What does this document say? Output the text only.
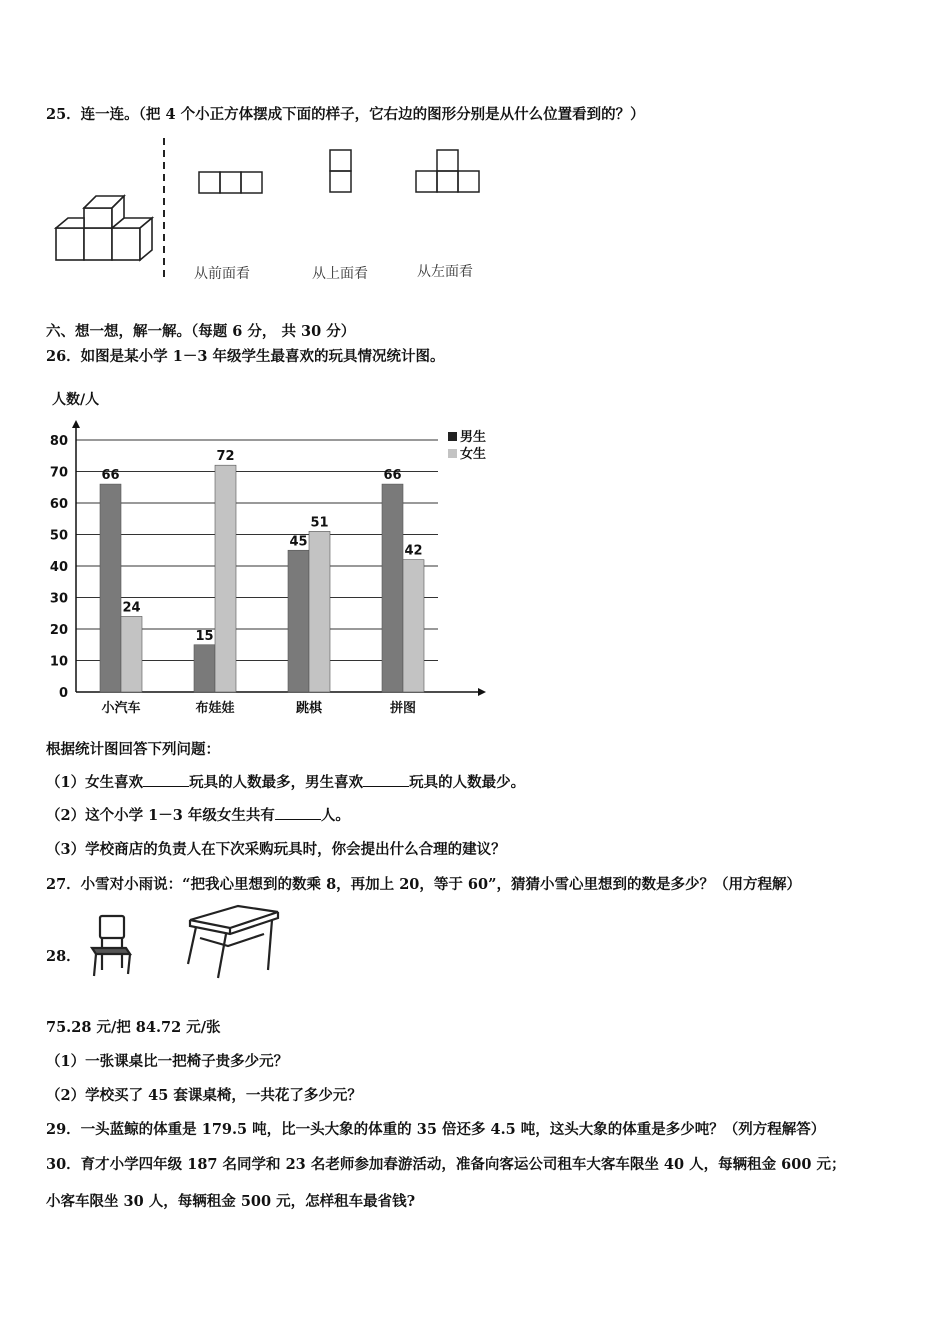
25．连一连。（把 4 个小正方体摆成下面的样子，它右边的图形分别是从什么位置看到的？）
从前面看	从上面看	从左面看
六、想一想，解一解。（每题 6 分， 共 30 分）
26．如图是某小学 1－3 年级学生最喜欢的玩具情况统计图。
人数/人
0
10
20
30
40
50
60
70
80
66
24
小汽车
15
72
布娃娃
45
51
跳棋
66
42
拼图
男生
女生
根据统计图回答下列问题：
（1）女生喜欢	玩具的人数最多，男生喜欢	玩具的人数最少。
（2）这个小学 1－3 年级女生共有	人。
（3）学校商店的负责人在下次采购玩具时，你会提出什么合理的建议？
27．小雪对小雨说：“把我心里想到的数乘 8，再加上 20，等于 60”，猜猜小雪心里想到的数是多少？（用方程解）
28．
75.28 元/把 84.72 元/张
（1）一张课桌比一把椅子贵多少元？
（2）学校买了 45 套课桌椅，一共花了多少元？
29．一头蓝鲸的体重是 179.5 吨，比一头大象的体重的 35 倍还多 4.5 吨，这头大象的体重是多少吨？（列方程解答）
30．育才小学四年级 187 名同学和 23 名老师参加春游活动，准备向客运公司租车大客车限坐 40 人，每辆租金 600 元；
小客车限坐 30 人，每辆租金 500 元，怎样租车最省钱?
